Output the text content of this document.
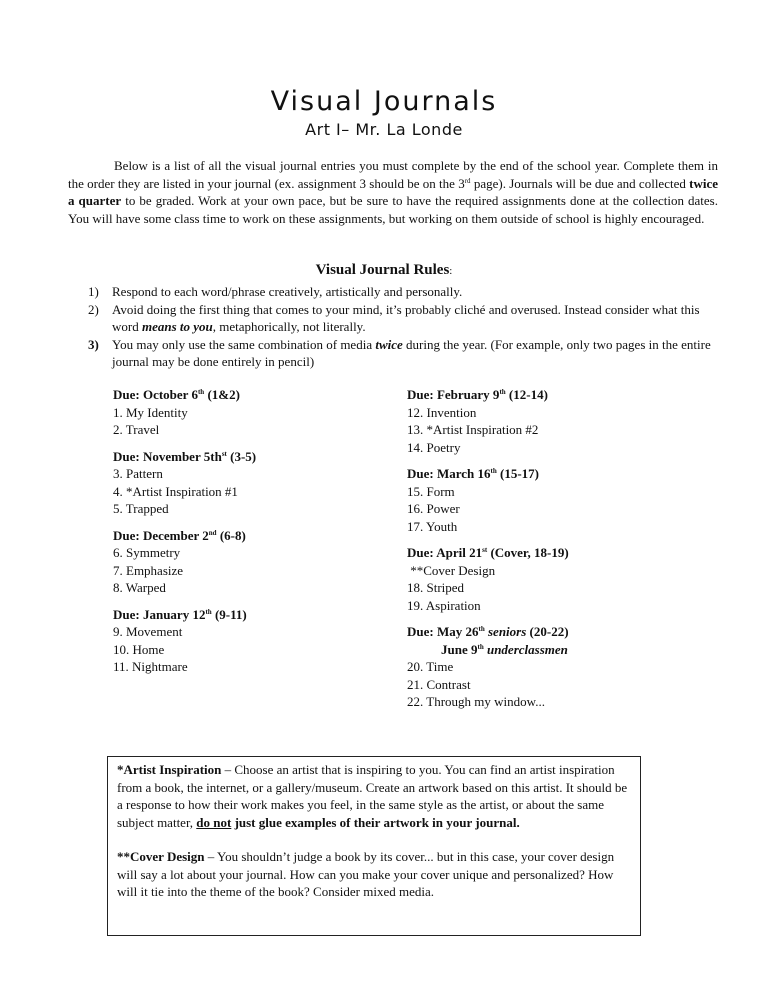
Visual Journals
Art I– Mr. La Londe
Below is a list of all the visual journal entries you must complete by the end of the school year. Complete them in the order they are listed in your journal (ex. assignment 3 should be on the 3rd page). Journals will be due and collected twice a quarter to be graded. Work at your own pace, but be sure to have the required assignments done at the collection dates. You will have some class time to work on these assignments, but working on them outside of school is highly encouraged.
Visual Journal Rules:
1)	Respond to each word/phrase creatively, artistically and personally.
2)	Avoid doing the first thing that comes to your mind, it’s probably cliché and overused. Instead consider what this word means to you, metaphorically, not literally.
3)	You may only use the same combination of media twice during the year. (For example, only two pages in the entire journal may be done entirely in pencil)
Due: October 6th (1&2)
1. My Identity
2. Travel
Due: November $5th^{st}$ (3-5)
3. Pattern
4. *Artist Inspiration #1
5. Trapped
Due: December 2nd (6-8)
6. Symmetry
7. Emphasize
8. Warped
Due: January 12th (9-11)
9. Movement
10. Home
11. Nightmare
Due: February 9th (12-14)
12. Invention
13. *Artist Inspiration #2
14. Poetry
Due: March 16th (15-17)
15. Form
16. Power
17. Youth
Due: April 21st (Cover, 18-19)
**Cover Design
18. Striped
19. Aspiration
Due: May 26th seniors (20-22)
June 9th underclassmen
20. Time
21. Contrast
22. Through my window...

*Artist Inspiration – Choose an artist that is inspiring to you. You can find an artist inspiration from a book, the internet, or a gallery/museum. Create an artwork based on this artist. It should be a response to how their work makes you feel, in the same style as the artist, or about the same subject matter, do not just glue examples of their artwork in your journal.

**Cover Design – You shouldn’t judge a book by its cover... but in this case, your cover design will say a lot about your journal. How can you make your cover unique and personalized? How will it tie into the theme of the book? Consider mixed media.
